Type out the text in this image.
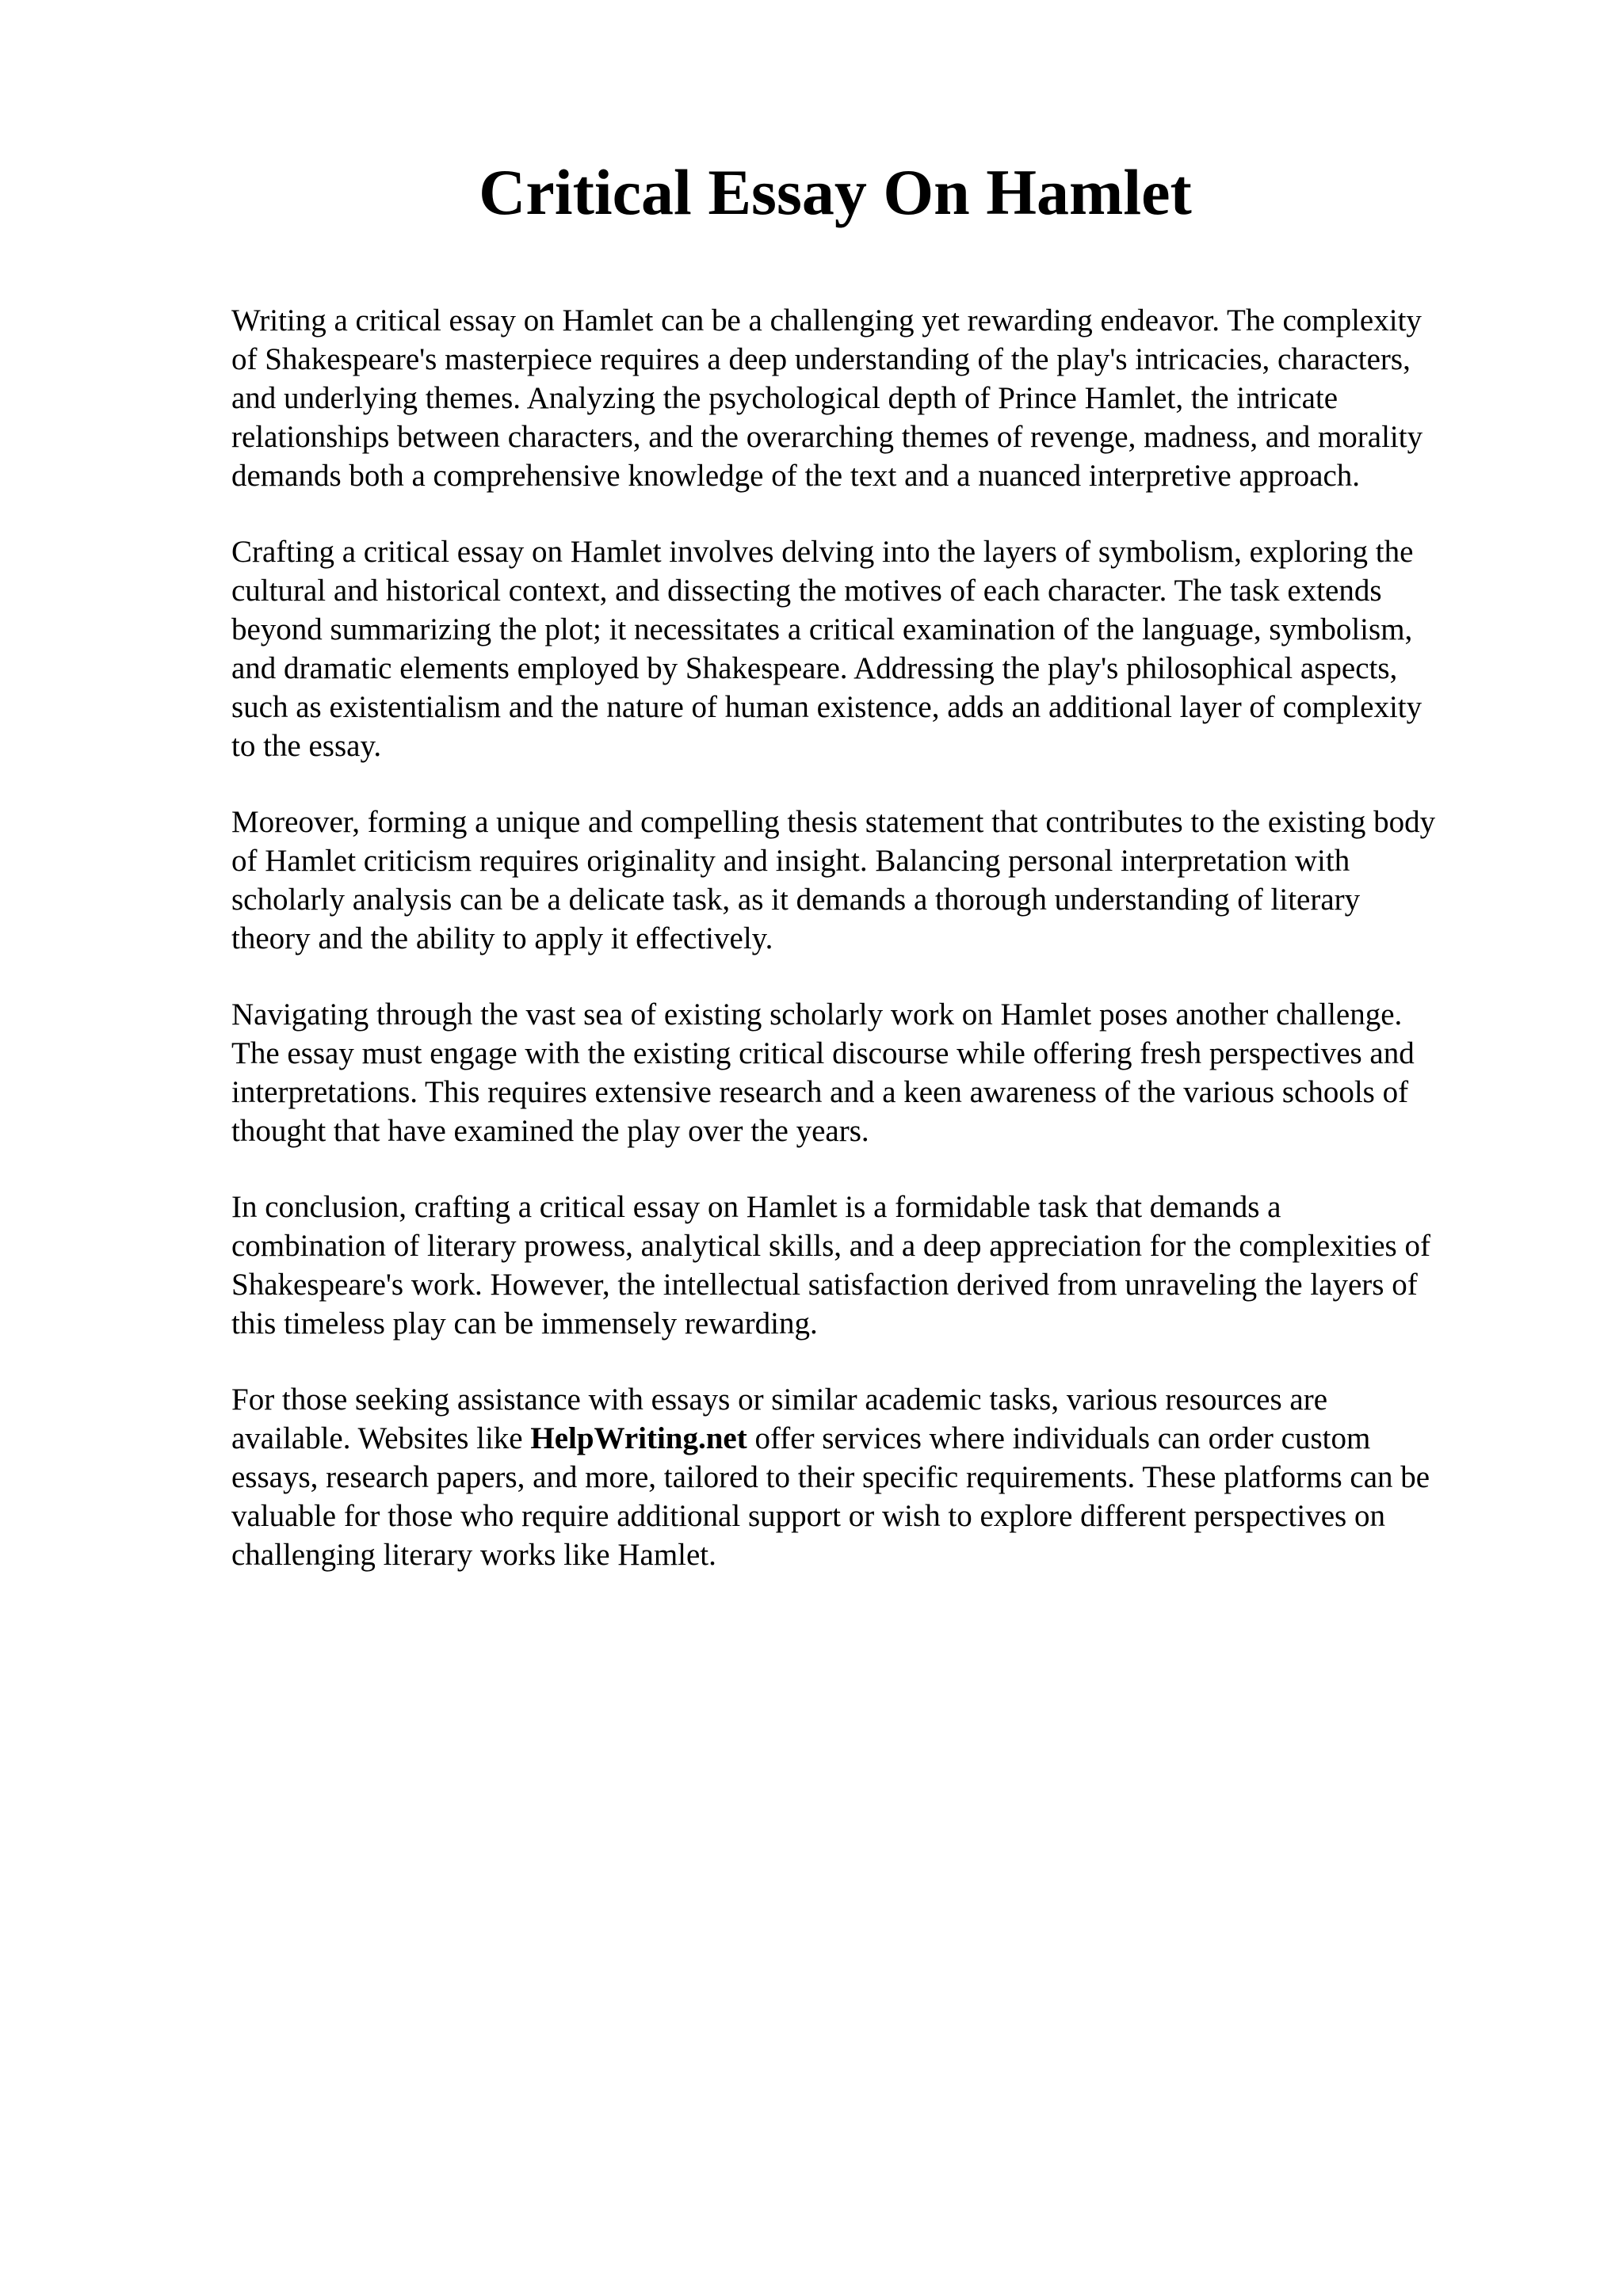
Critical Essay On Hamlet

Writing a critical essay on Hamlet can be a challenging yet rewarding endeavor. The complexity
of Shakespeare's masterpiece requires a deep understanding of the play's intricacies, characters,
and underlying themes. Analyzing the psychological depth of Prince Hamlet, the intricate
relationships between characters, and the overarching themes of revenge, madness, and morality
demands both a comprehensive knowledge of the text and a nuanced interpretive approach.

Crafting a critical essay on Hamlet involves delving into the layers of symbolism, exploring the
cultural and historical context, and dissecting the motives of each character. The task extends
beyond summarizing the plot; it necessitates a critical examination of the language, symbolism,
and dramatic elements employed by Shakespeare. Addressing the play's philosophical aspects,
such as existentialism and the nature of human existence, adds an additional layer of complexity
to the essay.

Moreover, forming a unique and compelling thesis statement that contributes to the existing body
of Hamlet criticism requires originality and insight. Balancing personal interpretation with
scholarly analysis can be a delicate task, as it demands a thorough understanding of literary
theory and the ability to apply it effectively.

Navigating through the vast sea of existing scholarly work on Hamlet poses another challenge.
The essay must engage with the existing critical discourse while offering fresh perspectives and
interpretations. This requires extensive research and a keen awareness of the various schools of
thought that have examined the play over the years.

In conclusion, crafting a critical essay on Hamlet is a formidable task that demands a
combination of literary prowess, analytical skills, and a deep appreciation for the complexities of
Shakespeare's work. However, the intellectual satisfaction derived from unraveling the layers of
this timeless play can be immensely rewarding.

For those seeking assistance with essays or similar academic tasks, various resources are
available. Websites like HelpWriting.net offer services where individuals can order custom
essays, research papers, and more, tailored to their specific requirements. These platforms can be
valuable for those who require additional support or wish to explore different perspectives on
challenging literary works like Hamlet.
